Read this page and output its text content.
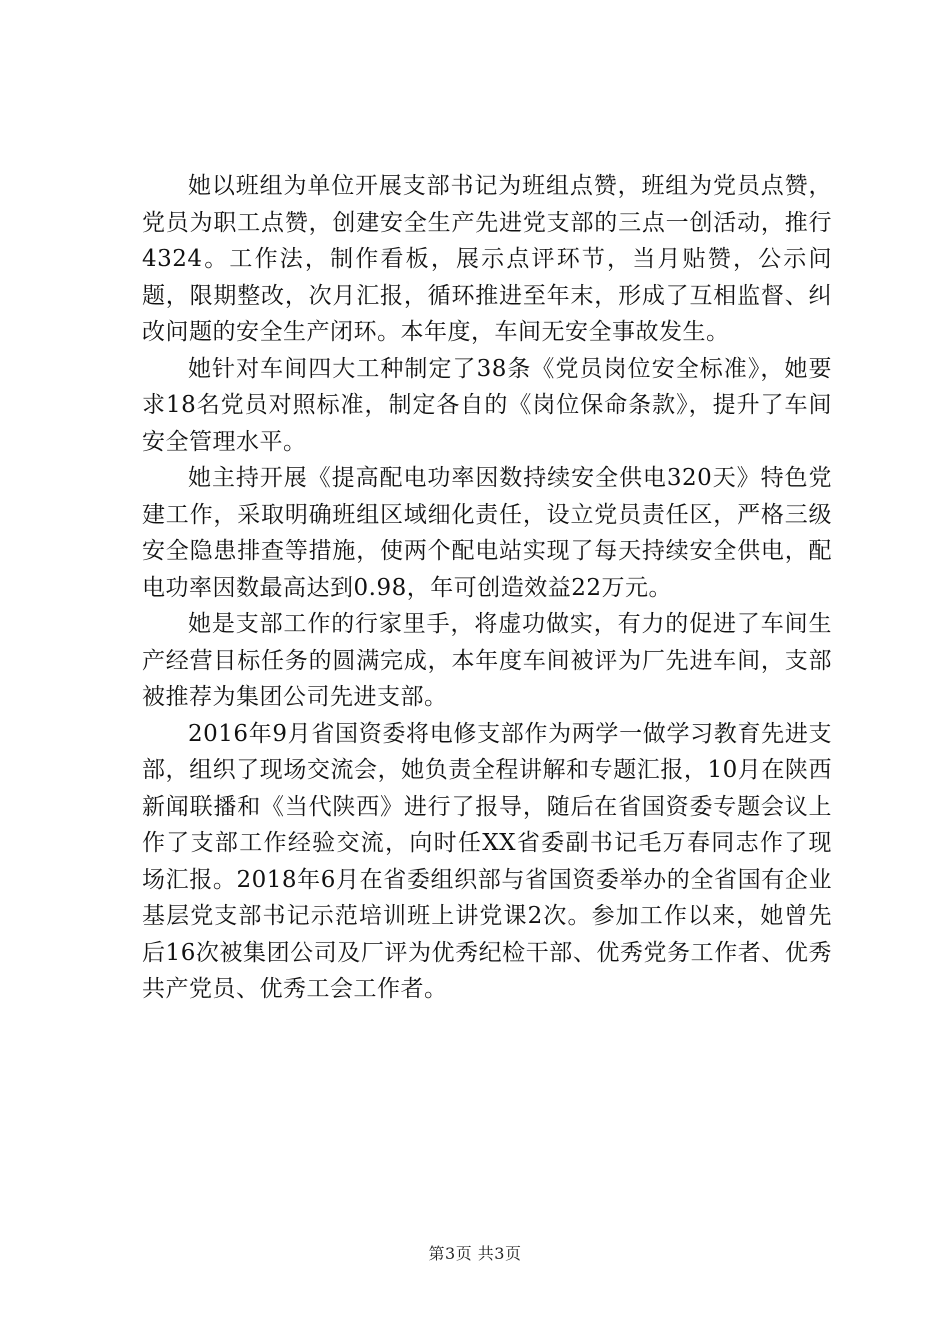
她以班组为单位开展支部书记为班组点赞，班组为党员点赞，党员为职工点赞，创建安全生产先进党支部的三点一创活动，推行4324。工作法，制作看板，展示点评环节，当月贴赞，公示问题，限期整改，次月汇报，循环推进至年末，形成了互相监督、纠改问题的安全生产闭环。本年度，车间无安全事故发生。

她针对车间四大工种制定了38条《党员岗位安全标准》，她要求18名党员对照标准，制定各自的《岗位保命条款》，提升了车间安全管理水平。

她主持开展《提高配电功率因数持续安全供电320天》特色党建工作，采取明确班组区域细化责任，设立党员责任区，严格三级安全隐患排查等措施，使两个配电站实现了每天持续安全供电，配电功率因数最高达到0.98，年可创造效益22万元。

她是支部工作的行家里手，将虚功做实，有力的促进了车间生产经营目标任务的圆满完成，本年度车间被评为厂先进车间，支部被推荐为集团公司先进支部。

2016年9月省国资委将电修支部作为两学一做学习教育先进支部，组织了现场交流会，她负责全程讲解和专题汇报，10月在陕西新闻联播和《当代陕西》进行了报导，随后在省国资委专题会议上作了支部工作经验交流，向时任XX省委副书记毛万春同志作了现场汇报。2018年6月在省委组织部与省国资委举办的全省国有企业基层党支部书记示范培训班上讲党课2次。参加工作以来，她曾先后16次被集团公司及厂评为优秀纪检干部、优秀党务工作者、优秀共产党员、优秀工会工作者。

第3页 共3页
